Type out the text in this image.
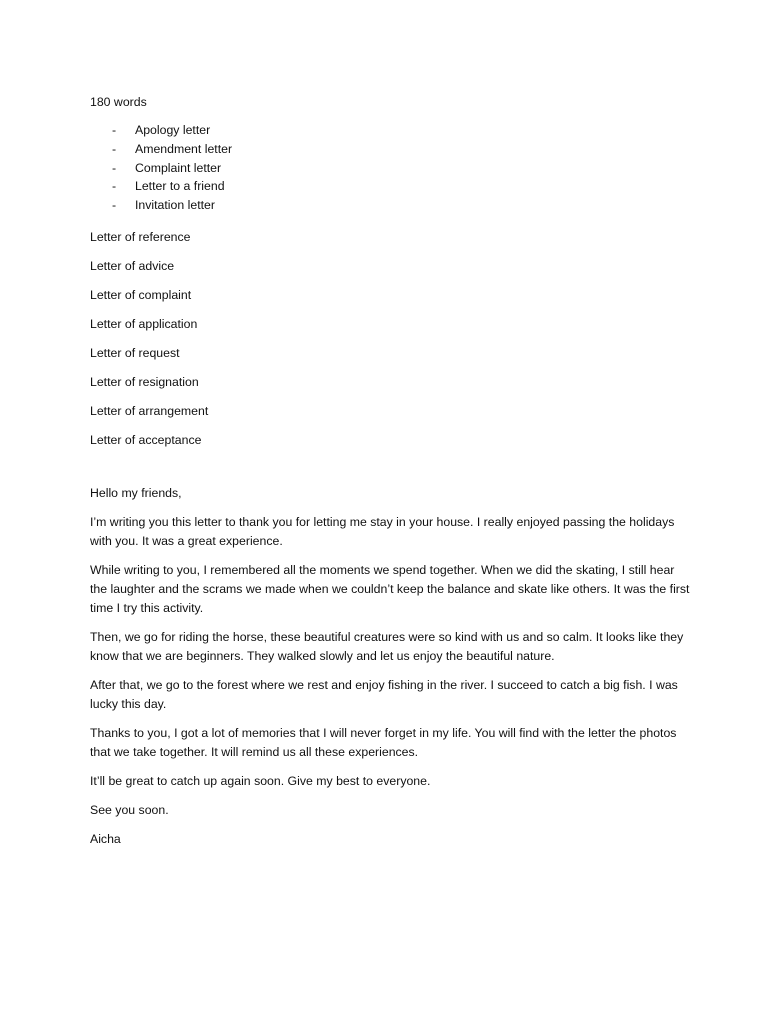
180 words

- Apology letter
- Amendment letter
- Complaint letter
- Letter to a friend
- Invitation letter
Letter of reference
Letter of advice
Letter of complaint
Letter of application
Letter of request
Letter of resignation
Letter of arrangement
Letter of acceptance

Hello my friends,

I’m writing you this letter to thank you for letting me stay in your house. I really enjoyed passing the holidays with you. It was a great experience.

While writing to you, I remembered all the moments we spend together. When we did the skating, I still hear the laughter and the scrams we made when we couldn’t keep the balance and skate like others. It was the first time I try this activity.

Then, we go for riding the horse, these beautiful creatures were so kind with us and so calm. It looks like they know that we are beginners. They walked slowly and let us enjoy the beautiful nature.

After that, we go to the forest where we rest and enjoy fishing in the river. I succeed to catch a big fish. I was lucky this day.

Thanks to you, I got a lot of memories that I will never forget in my life. You will find with the letter the photos that we take together. It will remind us all these experiences.

It’ll be great to catch up again soon. Give my best to everyone.

See you soon.

Aicha
